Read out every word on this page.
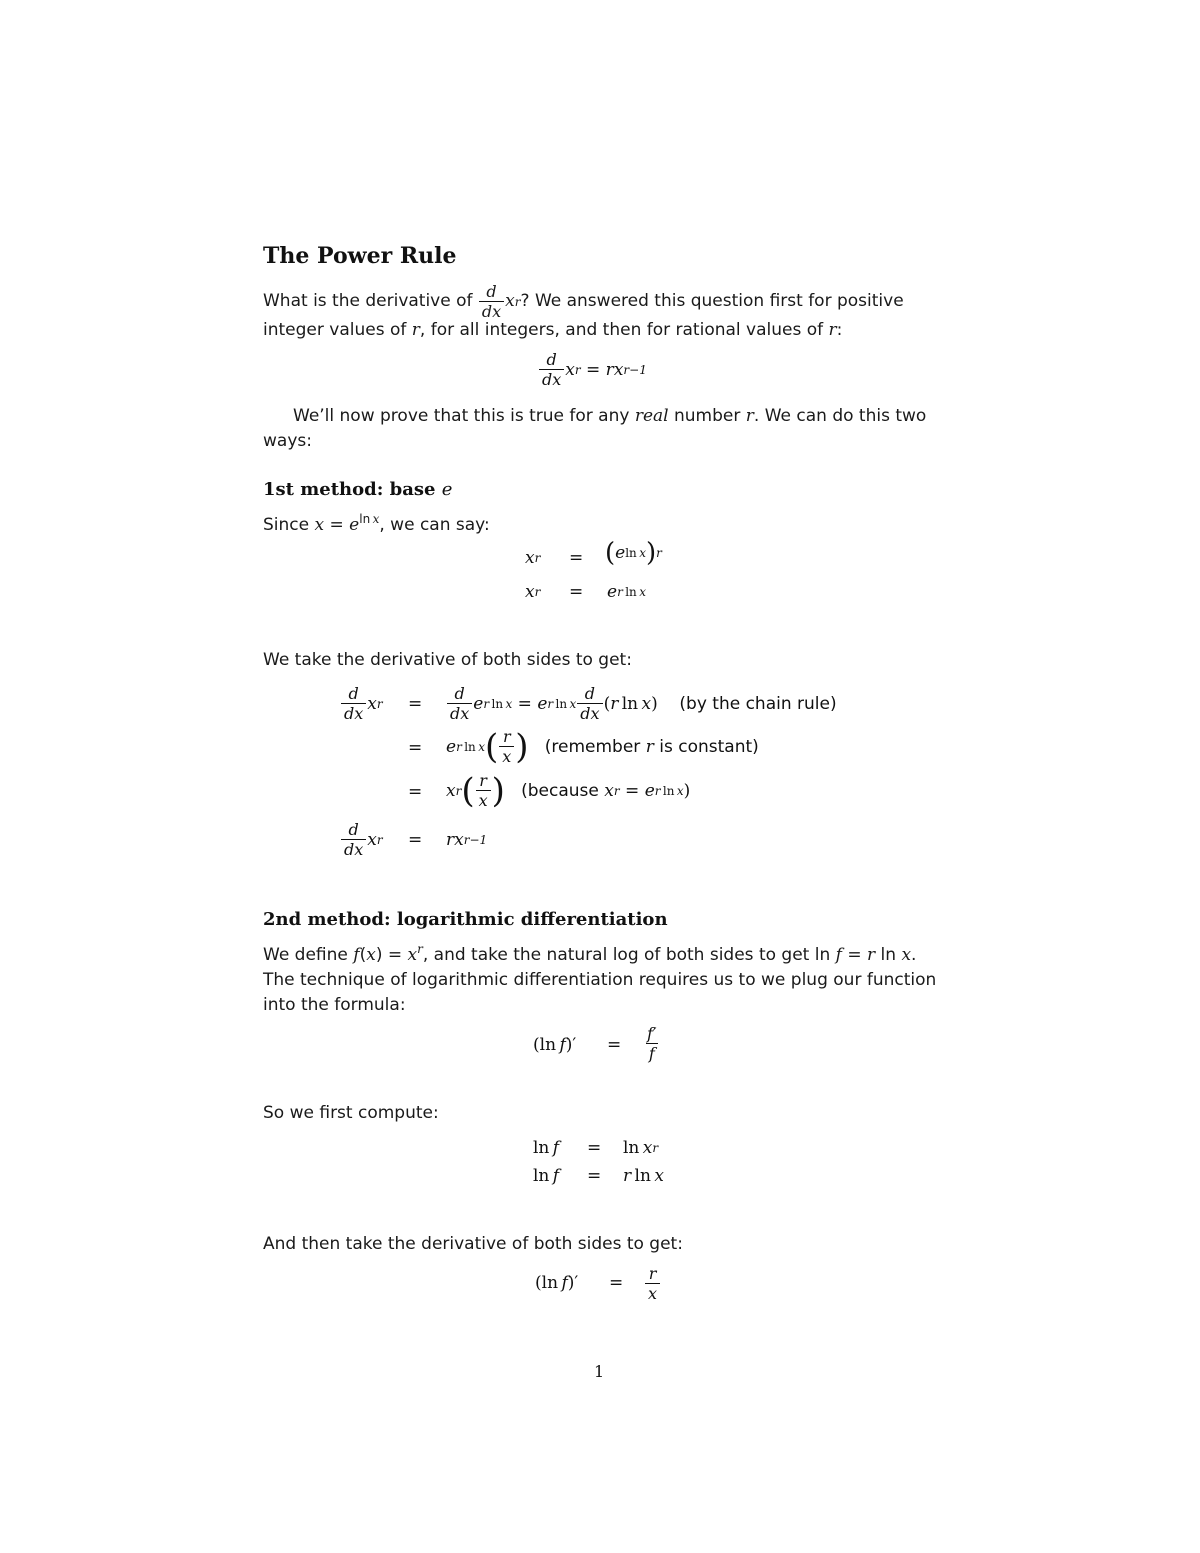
The Power Rule
What is the derivative of
$\frac{d}{dx}$ x r ? We answered this question first for positive
integer values of r, for all integers, and then for rational values of r:
$\frac{d}{dx}$ x r
=
r x r−1
We’ll now prove that this is true for any real number r. We can do this two
ways:
1st method: base e
Since $x = e^{ln x}$, we can say:
x r = ( e ln  x ) r
x r = e r  ln  x
We take the derivative of both sides to get:
$\frac{d}{dx}$ x $r = \frac{d}{dx}$ e r  ln  x
=
e r  ln  x $\frac{d}{dx}$ ( r
  ln
  x ) (by the chain rule)
= e r  ln  x ( $\frac{r}{x}$ )
(remember
r
is constant)
= x r ( $\frac{r}{x}$ )
(because
x r
=
e r  ln  x )
$\frac{d}{dx}$ x r = r x r−1
2nd method: logarithmic differentiation
We define $f(x) = x^r$, and take the natural log of both sides to get ln f = r ln x.
The technique of logarithmic differentiation requires us to we plug our function
into the formula:
( ln
  f )′ = $\frac{f'}{f}$
So we first compute:
ln
  f = ln
  x r
ln
  f = r
  ln
  x
And then take the derivative of both sides to get:
( ln
  f )′ = $\frac{r}{x}$
1
